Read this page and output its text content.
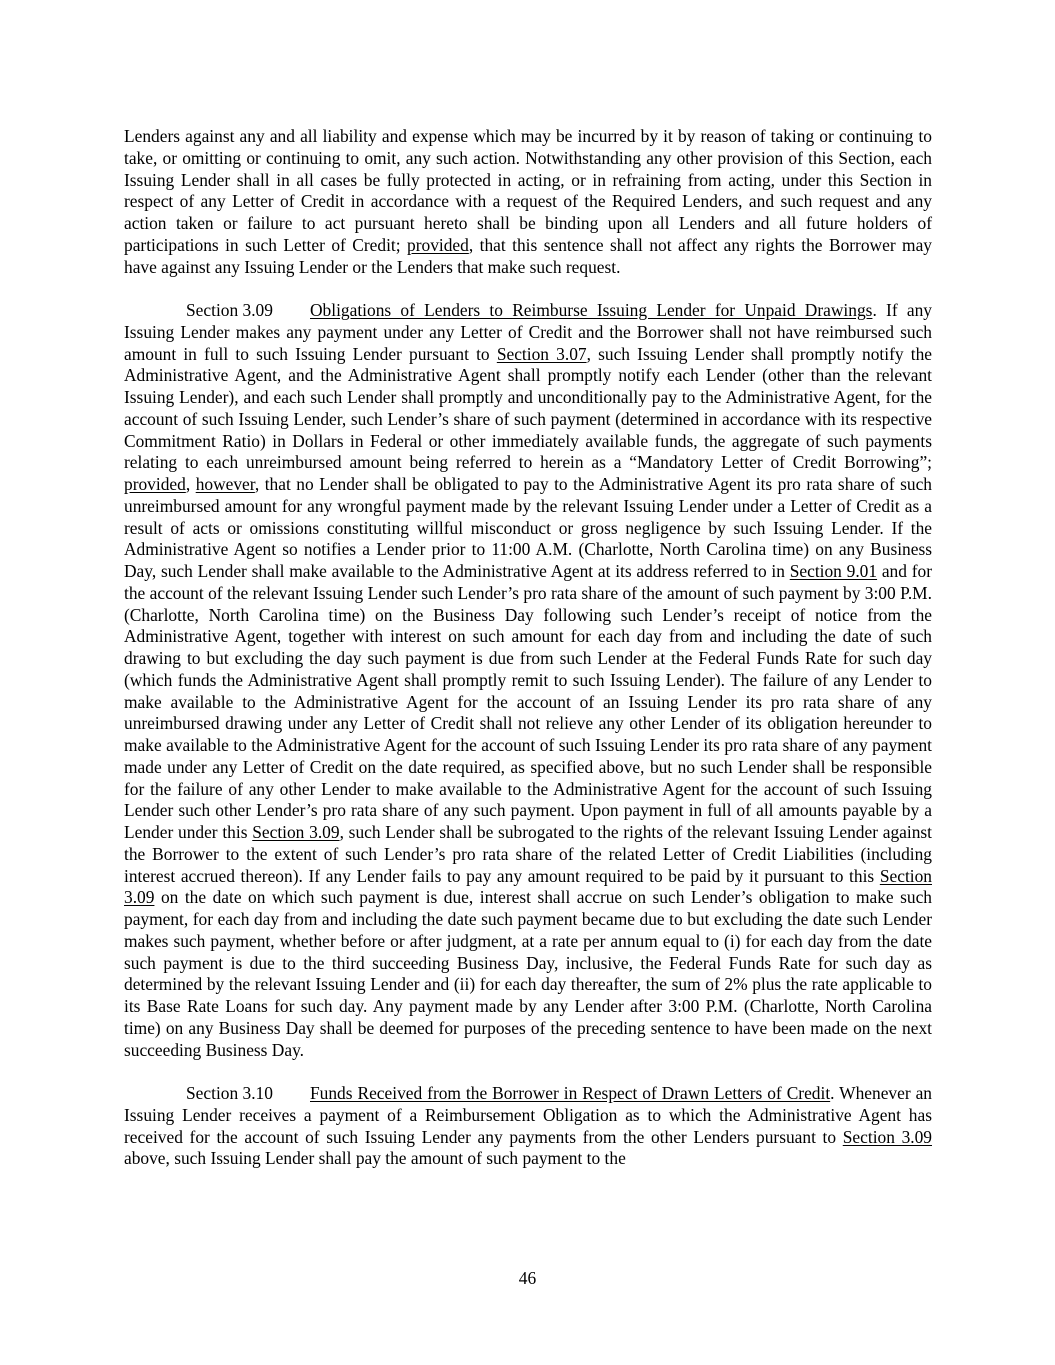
Lenders against any and all liability and expense which may be incurred by it by reason of taking or continuing to take, or omitting or continuing to omit, any such action. Notwithstanding any other provision of this Section, each Issuing Lender shall in all cases be fully protected in acting, or in refraining from acting, under this Section in respect of any Letter of Credit in accordance with a request of the Required Lenders, and such request and any action taken or failure to act pursuant hereto shall be binding upon all Lenders and all future holders of participations in such Letter of Credit; provided, that this sentence shall not affect any rights the Borrower may have against any Issuing Lender or the Lenders that make such request.

Section 3.09 Obligations of Lenders to Reimburse Issuing Lender for Unpaid Drawings. If any Issuing Lender makes any payment under any Letter of Credit and the Borrower shall not have reimbursed such amount in full to such Issuing Lender pursuant to Section 3.07, such Issuing Lender shall promptly notify the Administrative Agent, and the Administrative Agent shall promptly notify each Lender (other than the relevant Issuing Lender), and each such Lender shall promptly and unconditionally pay to the Administrative Agent, for the account of such Issuing Lender, such Lender’s share of such payment (determined in accordance with its respective Commitment Ratio) in Dollars in Federal or other immediately available funds, the aggregate of such payments relating to each unreimbursed amount being referred to herein as a “Mandatory Letter of Credit Borrowing”; provided, however, that no Lender shall be obligated to pay to the Administrative Agent its pro rata share of such unreimbursed amount for any wrongful payment made by the relevant Issuing Lender under a Letter of Credit as a result of acts or omissions constituting willful misconduct or gross negligence by such Issuing Lender. If the Administrative Agent so notifies a Lender prior to 11:00 A.M. (Charlotte, North Carolina time) on any Business Day, such Lender shall make available to the Administrative Agent at its address referred to in Section 9.01 and for the account of the relevant Issuing Lender such Lender’s pro rata share of the amount of such payment by 3:00 P.M. (Charlotte, North Carolina time) on the Business Day following such Lender’s receipt of notice from the Administrative Agent, together with interest on such amount for each day from and including the date of such drawing to but excluding the day such payment is due from such Lender at the Federal Funds Rate for such day (which funds the Administrative Agent shall promptly remit to such Issuing Lender). The failure of any Lender to make available to the Administrative Agent for the account of an Issuing Lender its pro rata share of any unreimbursed drawing under any Letter of Credit shall not relieve any other Lender of its obligation hereunder to make available to the Administrative Agent for the account of such Issuing Lender its pro rata share of any payment made under any Letter of Credit on the date required, as specified above, but no such Lender shall be responsible for the failure of any other Lender to make available to the Administrative Agent for the account of such Issuing Lender such other Lender’s pro rata share of any such payment. Upon payment in full of all amounts payable by a Lender under this Section 3.09, such Lender shall be subrogated to the rights of the relevant Issuing Lender against the Borrower to the extent of such Lender’s pro rata share of the related Letter of Credit Liabilities (including interest accrued thereon). If any Lender fails to pay any amount required to be paid by it pursuant to this Section 3.09 on the date on which such payment is due, interest shall accrue on such Lender’s obligation to make such payment, for each day from and including the date such payment became due to but excluding the date such Lender makes such payment, whether before or after judgment, at a rate per annum equal to (i) for each day from the date such payment is due to the third succeeding Business Day, inclusive, the Federal Funds Rate for such day as determined by the relevant Issuing Lender and (ii) for each day thereafter, the sum of 2% plus the rate applicable to its Base Rate Loans for such day. Any payment made by any Lender after 3:00 P.M. (Charlotte, North Carolina time) on any Business Day shall be deemed for purposes of the preceding sentence to have been made on the next succeeding Business Day.

Section 3.10 Funds Received from the Borrower in Respect of Drawn Letters of Credit. Whenever an Issuing Lender receives a payment of a Reimbursement Obligation as to which the Administrative Agent has received for the account of such Issuing Lender any payments from the other Lenders pursuant to Section 3.09 above, such Issuing Lender shall pay the amount of such payment to the

46
